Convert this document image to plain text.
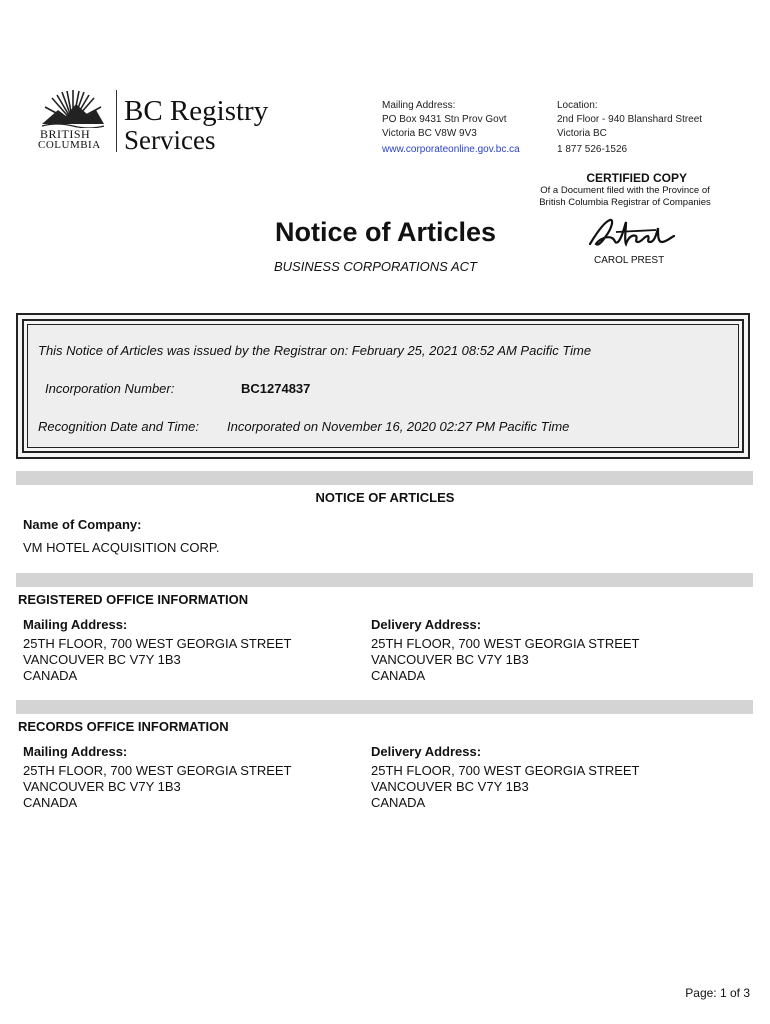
BRITISH
COLUMBIA
BC Registry
Services
Mailing Address:
PO Box 9431 Stn Prov Govt
Victoria BC V8W 9V3
www.corporateonline.gov.bc.ca
Location:
2nd Floor - 940 Blanshard Street
Victoria BC
1 877 526-1526
CERTIFIED COPY
Of a Document filed with the Province of
British Columbia Registrar of Companies
CAROL PREST
Notice of Articles
BUSINESS CORPORATIONS ACT
This Notice of Articles was issued by the Registrar on: February 25, 2021 08:52 AM Pacific Time
Incorporation Number:	BC1274837
Recognition Date and Time: Incorporated on November 16, 2020 02:27 PM Pacific Time
NOTICE OF ARTICLES
Name of Company:
VM HOTEL ACQUISITION CORP.
REGISTERED OFFICE INFORMATION
Mailing Address:
25TH FLOOR, 700 WEST GEORGIA STREET
VANCOUVER BC V7Y 1B3
CANADA
Delivery Address:
25TH FLOOR, 700 WEST GEORGIA STREET
VANCOUVER BC V7Y 1B3
CANADA
RECORDS OFFICE INFORMATION
Mailing Address:
25TH FLOOR, 700 WEST GEORGIA STREET
VANCOUVER BC V7Y 1B3
CANADA
Delivery Address:
25TH FLOOR, 700 WEST GEORGIA STREET
VANCOUVER BC V7Y 1B3
CANADA
Page: 1 of 3
